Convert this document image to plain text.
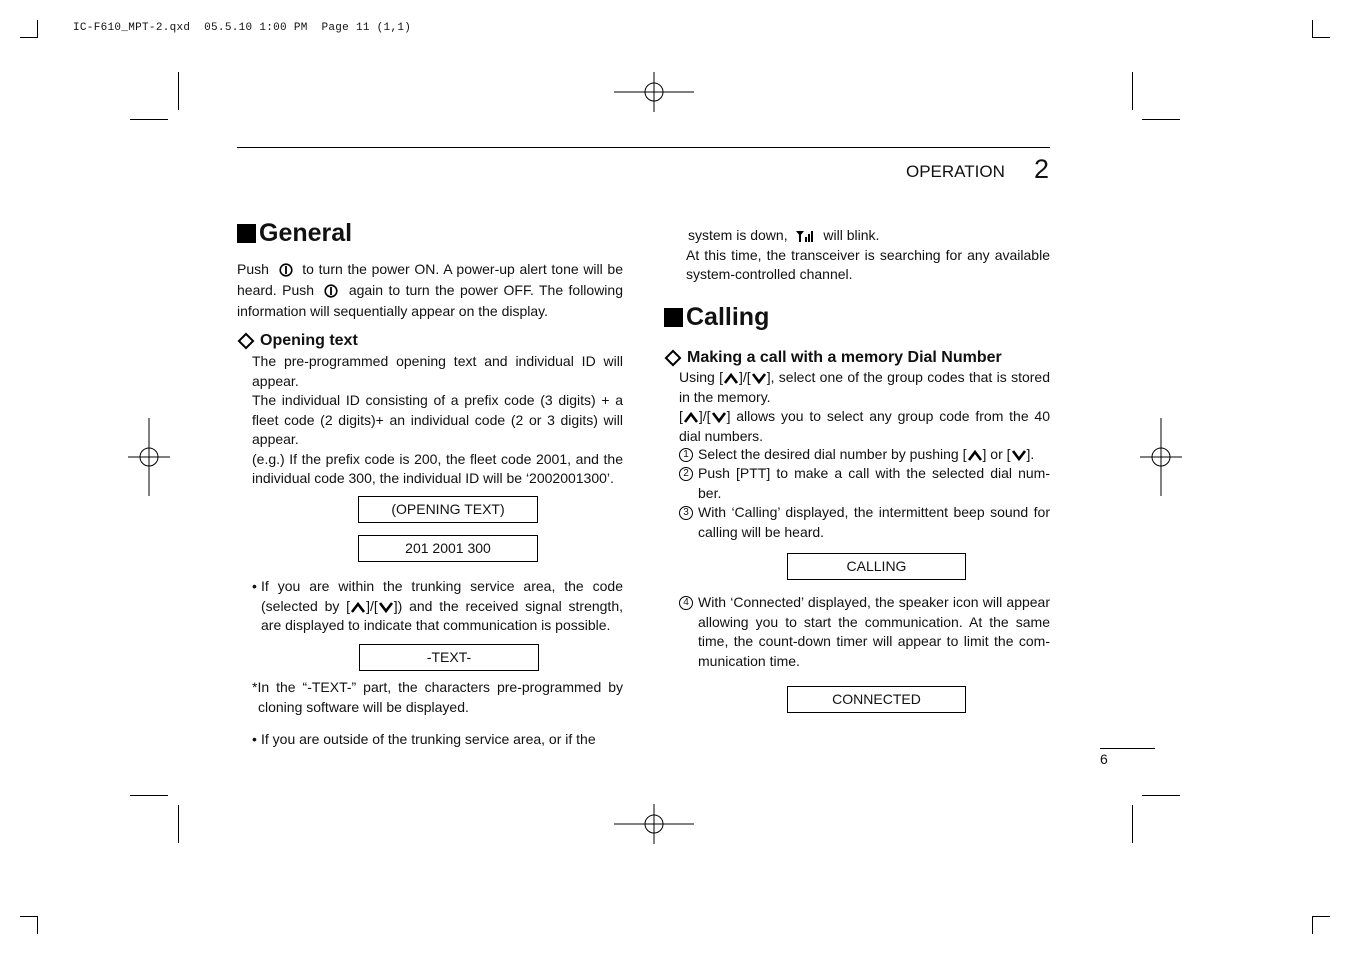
IC-F610_MPT-2.qxd  05.5.10 1:00 PM  Page 11 (1,1)
OPERATION 2
General
Push to turn the power ON. A power-up alert tone will be heard. Push again to turn the power OFF. The following information will sequentially appear on the display.
Opening text
The pre-programmed opening text and individual ID will appear.
The individual ID consisting of a prefix code (3 digits) + a fleet code (2 digits)+ an individual code (2 or 3 digits) will appear.
(e.g.) If the prefix code is 200, the fleet code 2001, and the individual code 300, the individual ID will be ‘2002001300’.
(OPENING TEXT)
201 2001 300
• If you are within the trunking service area, the code (selected by [ ]/[ ]) and the received signal strength, are displayed to indicate that communication is possible.
-TEXT-
*In the “-TEXT-” part, the characters pre-programmed by cloning software will be displayed.
• If you are outside of the trunking service area, or if the
system is down,	will blink.
At this time, the transceiver is searching for any available system-controlled channel.
Calling
Making a call with a memory Dial Number
Using [ ]/[ ], select one of the group codes that is stored in the memory.
[ ]/[ ] allows you to select any group code from the 40 dial numbers.
1 Select the desired dial number by pushing [ ] or [ ].
2 Push [PTT] to make a call with the selected dial num-ber.
3 With ‘Calling’ displayed, the intermittent beep sound for calling will be heard.
CALLING
4 With ‘Connected’ displayed, the speaker icon will appear allowing you to start the communication. At the same time, the count-down timer will appear to limit the com-munication time.
CONNECTED
6
